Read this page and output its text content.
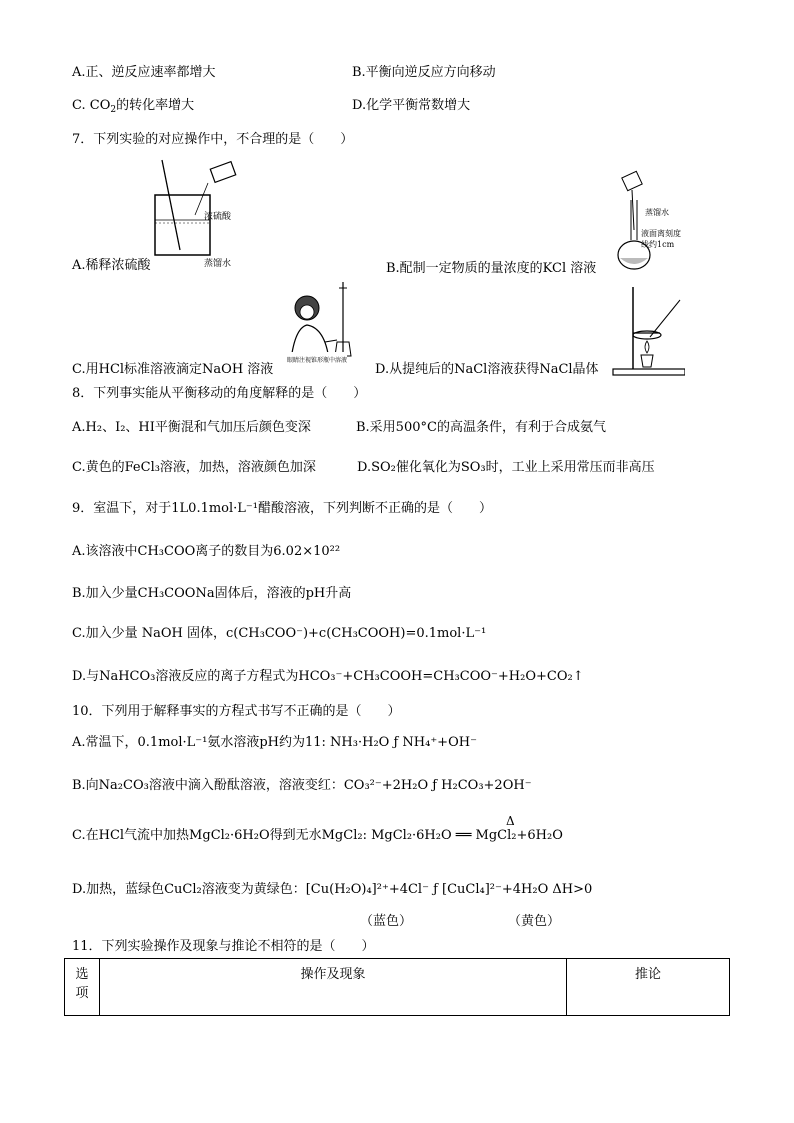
A.正、逆反应速率都增大	B.平衡向逆反应方向移动
C. $CO_2$的转化率增大	D.化学平衡常数增大
7．下列实验的对应操作中，不合理的是（　　）
浓硫酸
蒸馏水
A.稀释浓硫酸
蒸馏水
液面离刻度
线约1cm
B.配制一定物质的量浓度的KCl 溶液
眼睛注视锥形瓶中溶液
C.用HCl标准溶液滴定NaOH 溶液	D.从提纯后的NaCl溶液获得NaCl晶体
8．下列事实能从平衡移动的角度解释的是（　　）
A.H₂、I₂、HI平衡混和气加压后颜色变深	B.采用500°C的高温条件，有利于合成氨气
C.黄色的FeCl₃溶液，加热，溶液颜色加深	D.SO₂催化氧化为SO₃时，工业上采用常压而非高压
9．室温下，对于1L0.1mol·L⁻¹醋酸溶液，下列判断不正确的是（　　）
A.该溶液中CH₃COO离子的数目为6.02×10²²
B.加入少量CH₃COONa固体后，溶液的pH升高
C.加入少量 NaOH 固体，c(CH₃COO⁻)+c(CH₃COOH)=0.1mol·L⁻¹
D.与NaHCO₃溶液反应的离子方程式为HCO₃⁻+CH₃COOH=CH₃COO⁻+H₂O+CO₂↑
10．下列用于解释事实的方程式书写不正确的是（　　）
A.常温下，0.1mol·L⁻¹氨水溶液pH约为11: NH₃·H₂O ƒ NH₄⁺+OH⁻
B.向Na₂CO₃溶液中滴入酚酞溶液，溶液变红：CO₃²⁻+2H₂O ƒ H₂CO₃+2OH⁻
Δ
C.在HCl气流中加热MgCl₂·6H₂O得到无水MgCl₂: MgCl₂·6H₂O ══ MgCl₂+6H₂O
D.加热，蓝绿色CuCl₂溶液变为黄绿色：[Cu(H₂O)₄]²⁺+4Cl⁻ ƒ [CuCl₄]²⁻+4H₂O ΔH>0
（蓝色）	（黄色）
11．下列实验操作及现象与推论不相符的是（　　）
选项	操作及现象	推论
